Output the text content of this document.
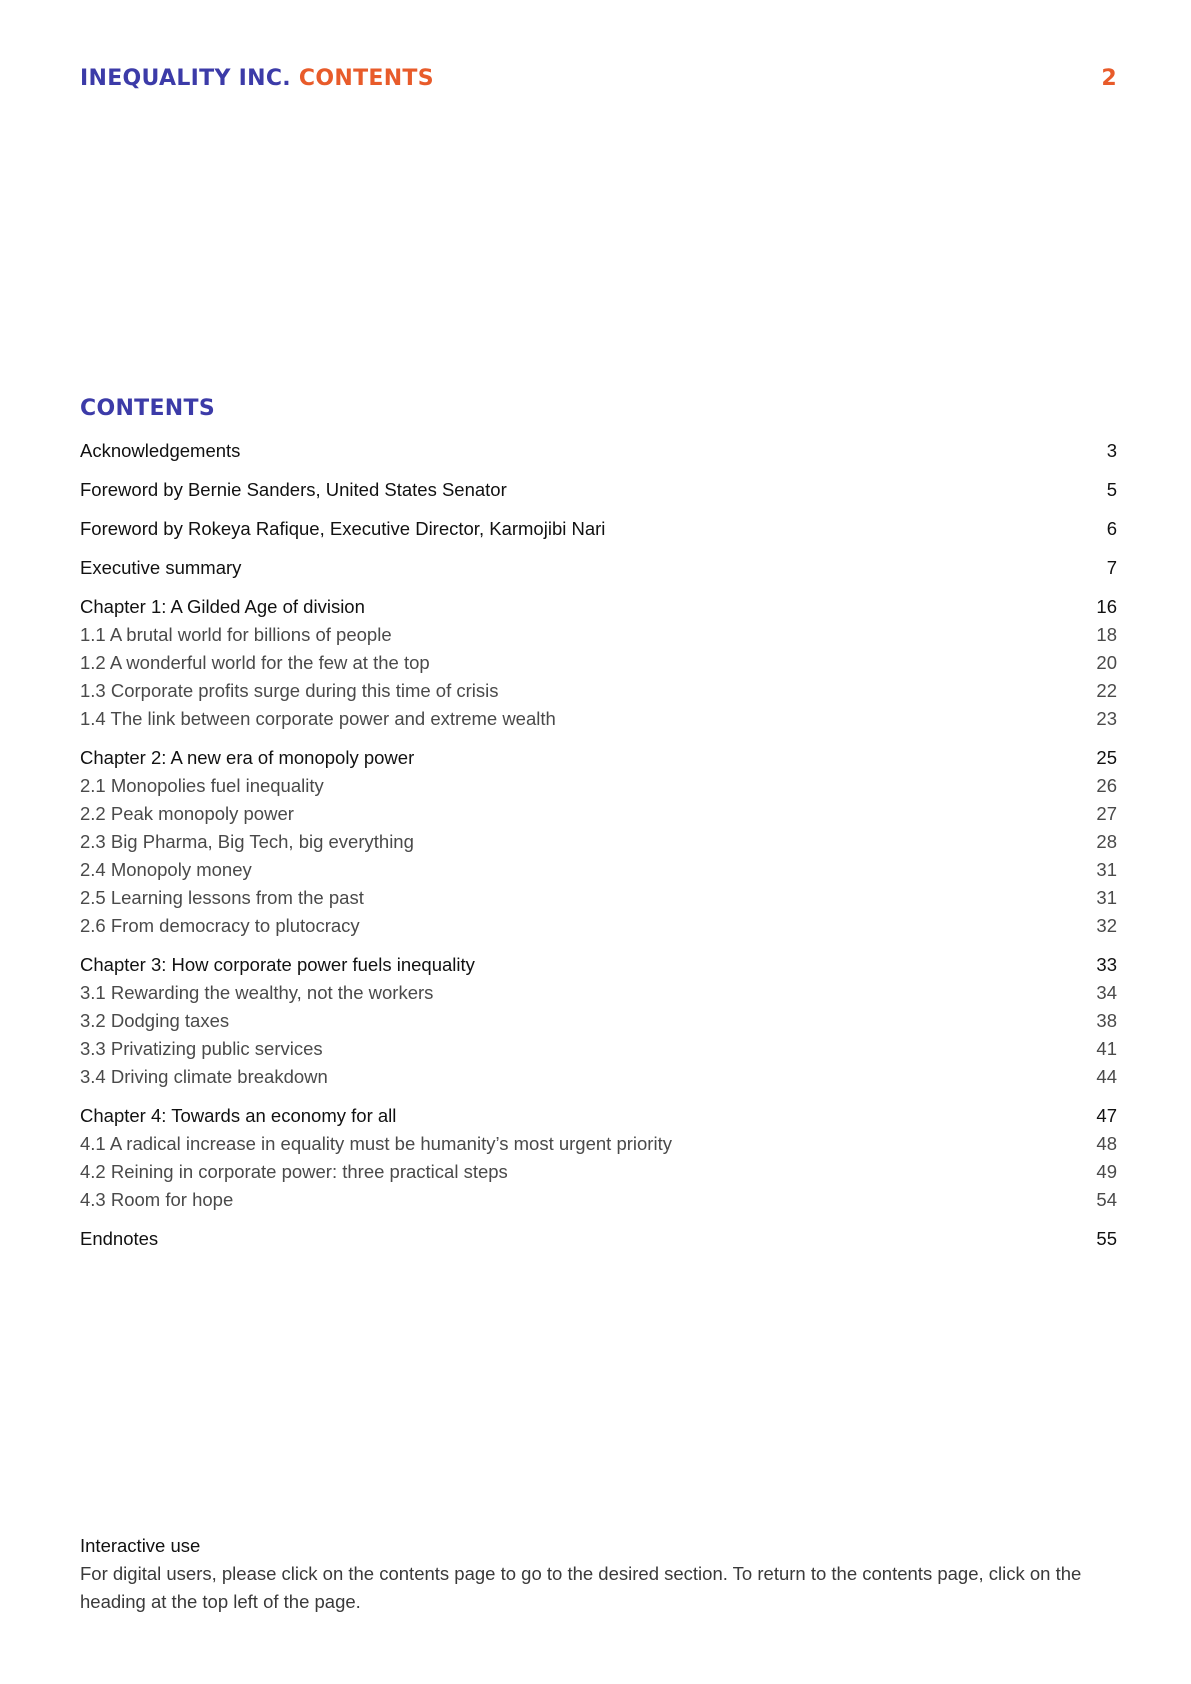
INEQUALITY INC. CONTENTS	2
CONTENTS
Acknowledgements	3
Foreword by Bernie Sanders, United States Senator	5
Foreword by Rokeya Rafique, Executive Director, Karmojibi Nari	6
Executive summary	7
Chapter 1: A Gilded Age of division	16
1.1 A brutal world for billions of people	18
1.2 A wonderful world for the few at the top	20
1.3 Corporate profits surge during this time of crisis	22
1.4 The link between corporate power and extreme wealth	23
Chapter 2: A new era of monopoly power	25
2.1 Monopolies fuel inequality	26
2.2 Peak monopoly power	27
2.3 Big Pharma, Big Tech, big everything	28
2.4 Monopoly money	31
2.5 Learning lessons from the past	31
2.6 From democracy to plutocracy	32
Chapter 3: How corporate power fuels inequality	33
3.1 Rewarding the wealthy, not the workers	34
3.2 Dodging taxes	38
3.3 Privatizing public services	41
3.4 Driving climate breakdown	44
Chapter 4: Towards an economy for all	47
4.1 A radical increase in equality must be humanity’s most urgent priority	48
4.2 Reining in corporate power: three practical steps	49
4.3 Room for hope	54
Endnotes	55
Interactive use
For digital users, please click on the contents page to go to the desired section. To return to the contents page, click on the heading at the top left of the page.
